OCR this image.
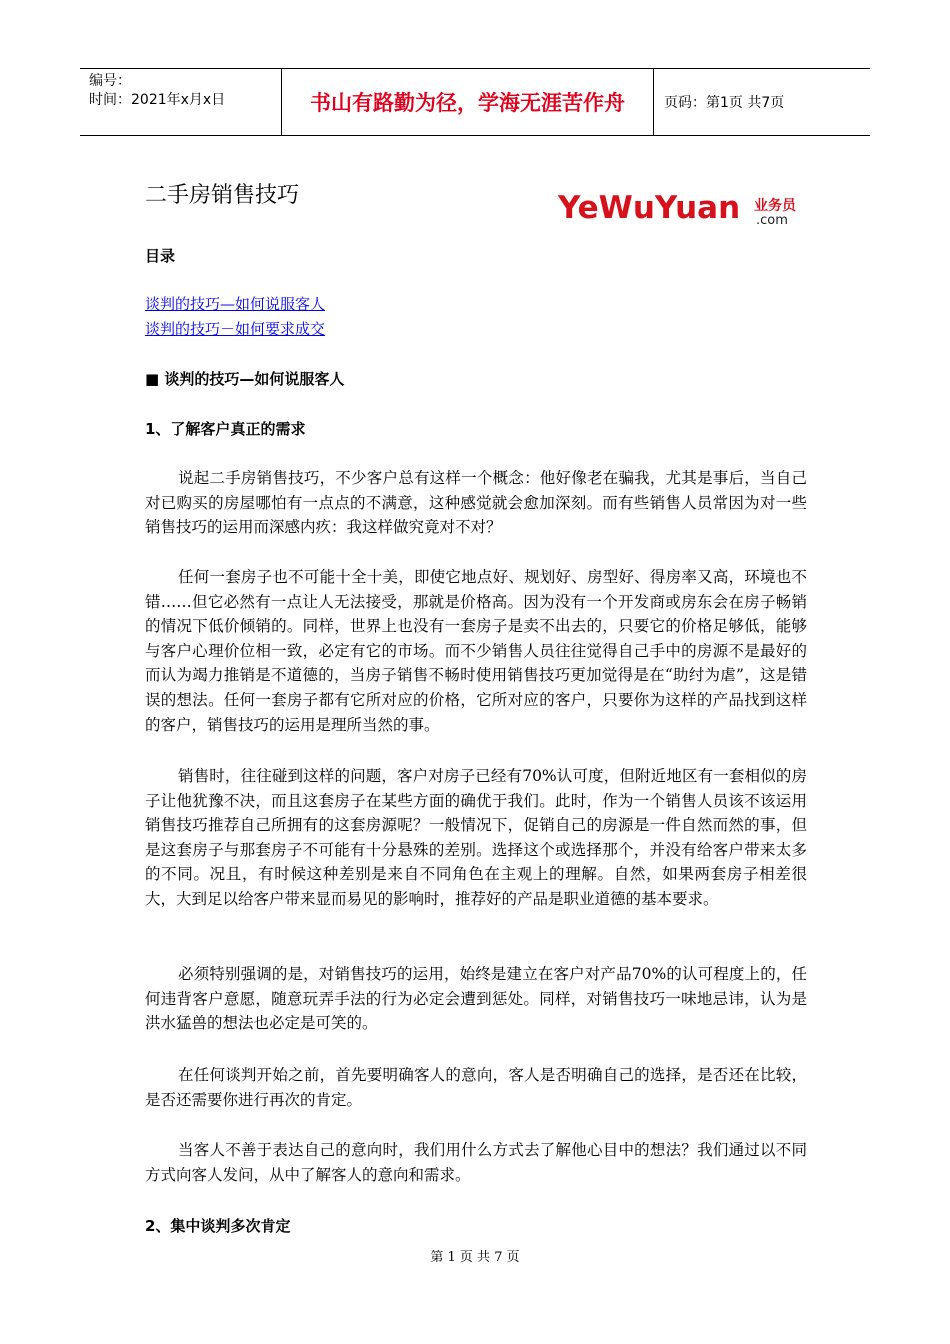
编号：
时间：2021年x月x日	书山有路勤为径，学海无涯苦作舟	页码：第1页 共7页
二手房销售技巧	YeWuYuan 业务员
.com
目录
谈判的技巧—如何说服客人
谈判的技巧－如何要求成交
■ 谈判的技巧—如何说服客人
1、了解客户真正的需求

说起二手房销售技巧，不少客户总有这样一个概念：他好像老在骗我，尤其是事后，当自己对已购买的房屋哪怕有一点点的不满意，这种感觉就会愈加深刻。而有些销售人员常因为对一些销售技巧的运用而深感内疚：我这样做究竟对不对？

任何一套房子也不可能十全十美，即使它地点好、规划好、房型好、得房率又高，环境也不错……但它必然有一点让人无法接受，那就是价格高。因为没有一个开发商或房东会在房子畅销的情况下低价倾销的。同样，世界上也没有一套房子是卖不出去的，只要它的价格足够低，能够与客户心理价位相一致，必定有它的市场。而不少销售人员往往觉得自己手中的房源不是最好的而认为竭力推销是不道德的，当房子销售不畅时使用销售技巧更加觉得是在“助纣为虐”，这是错误的想法。任何一套房子都有它所对应的价格，它所对应的客户，只要你为这样的产品找到这样的客户，销售技巧的运用是理所当然的事。

销售时，往往碰到这样的问题，客户对房子已经有70%认可度，但附近地区有一套相似的房子让他犹豫不决，而且这套房子在某些方面的确优于我们。此时，作为一个销售人员该不该运用销售技巧推荐自己所拥有的这套房源呢？一般情况下，促销自己的房源是一件自然而然的事，但是这套房子与那套房子不可能有十分悬殊的差别。选择这个或选择那个，并没有给客户带来太多的不同。况且，有时候这种差别是来自不同角色在主观上的理解。自然，如果两套房子相差很大，大到足以给客户带来显而易见的影响时，推荐好的产品是职业道德的基本要求。

必须特别强调的是，对销售技巧的运用，始终是建立在客户对产品70%的认可程度上的，任何违背客户意愿，随意玩弄手法的行为必定会遭到惩处。同样，对销售技巧一味地忌讳，认为是洪水猛兽的想法也必定是可笑的。

在任何谈判开始之前，首先要明确客人的意向，客人是否明确自己的选择，是否还在比较，是否还需要你进行再次的肯定。

当客人不善于表达自己的意向时，我们用什么方式去了解他心目中的想法？我们通过以不同方式向客人发问，从中了解客人的意向和需求。

2、集中谈判多次肯定
第 1 页 共 7 页
